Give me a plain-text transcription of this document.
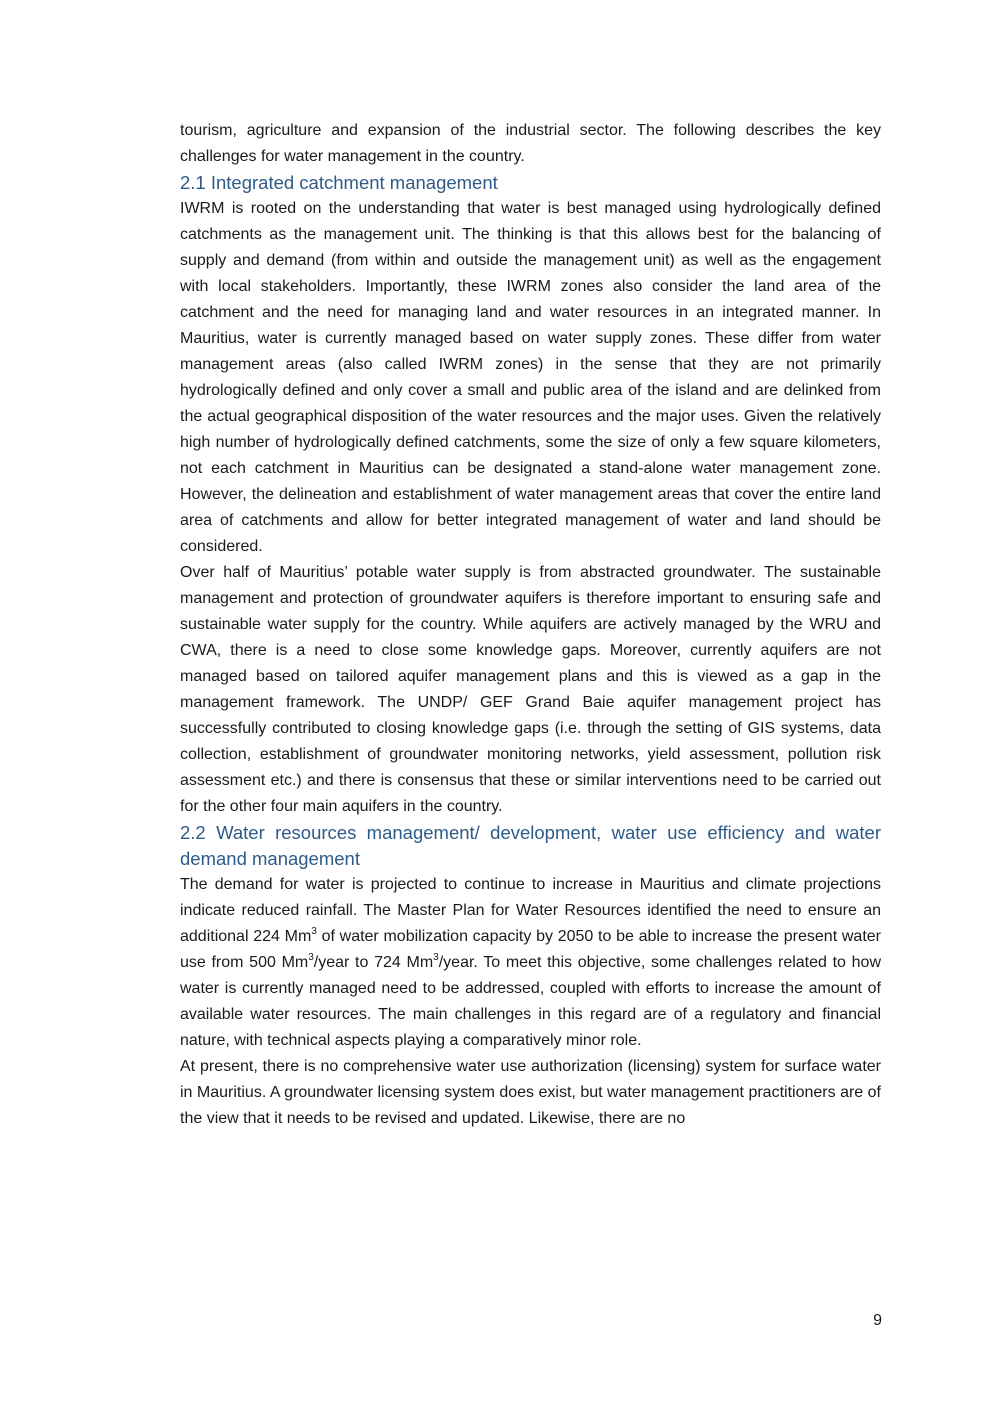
tourism, agriculture and expansion of the industrial sector. The following describes the key challenges for water management in the country.

2.1 Integrated catchment management

IWRM is rooted on the understanding that water is best managed using hydrologically defined catchments as the management unit. The thinking is that this allows best for the balancing of supply and demand (from within and outside the management unit) as well as the engagement with local stakeholders. Importantly, these IWRM zones also consider the land area of the catchment and the need for managing land and water resources in an integrated manner. In Mauritius, water is currently managed based on water supply zones. These differ from water management areas (also called IWRM zones) in the sense that they are not primarily hydrologically defined and only cover a small and public area of the island and are delinked from the actual geographical disposition of the water resources and the major uses. Given the relatively high number of hydrologically defined catchments, some the size of only a few square kilometers, not each catchment in Mauritius can be designated a stand-alone water management zone. However, the delineation and establishment of water management areas that cover the entire land area of catchments and allow for better integrated management of water and land should be considered.

Over half of Mauritius’ potable water supply is from abstracted groundwater. The sustainable management and protection of groundwater aquifers is therefore important to ensuring safe and sustainable water supply for the country. While aquifers are actively managed by the WRU and CWA, there is a need to close some knowledge gaps. Moreover, currently aquifers are not managed based on tailored aquifer management plans and this is viewed as a gap in the management framework. The UNDP/ GEF Grand Baie aquifer management project has successfully contributed to closing knowledge gaps (i.e. through the setting of GIS systems, data collection, establishment of groundwater monitoring networks, yield assessment, pollution risk assessment etc.) and there is consensus that these or similar interventions need to be carried out for the other four main aquifers in the country.

2.2 Water resources management/ development, water use efficiency and water demand management

The demand for water is projected to continue to increase in Mauritius and climate projections indicate reduced rainfall. The Master Plan for Water Resources identified the need to ensure an additional 224 Mm$^3$ of water mobilization capacity by 2050 to be able to increase the present water use from 500 Mm$^3$/year to 724 Mm$^3$/year. To meet this objective, some challenges related to how water is currently managed need to be addressed, coupled with efforts to increase the amount of available water resources. The main challenges in this regard are of a regulatory and financial nature, with technical aspects playing a comparatively minor role.

At present, there is no comprehensive water use authorization (licensing) system for surface water in Mauritius. A groundwater licensing system does exist, but water management practitioners are of the view that it needs to be revised and updated. Likewise, there are no

9
